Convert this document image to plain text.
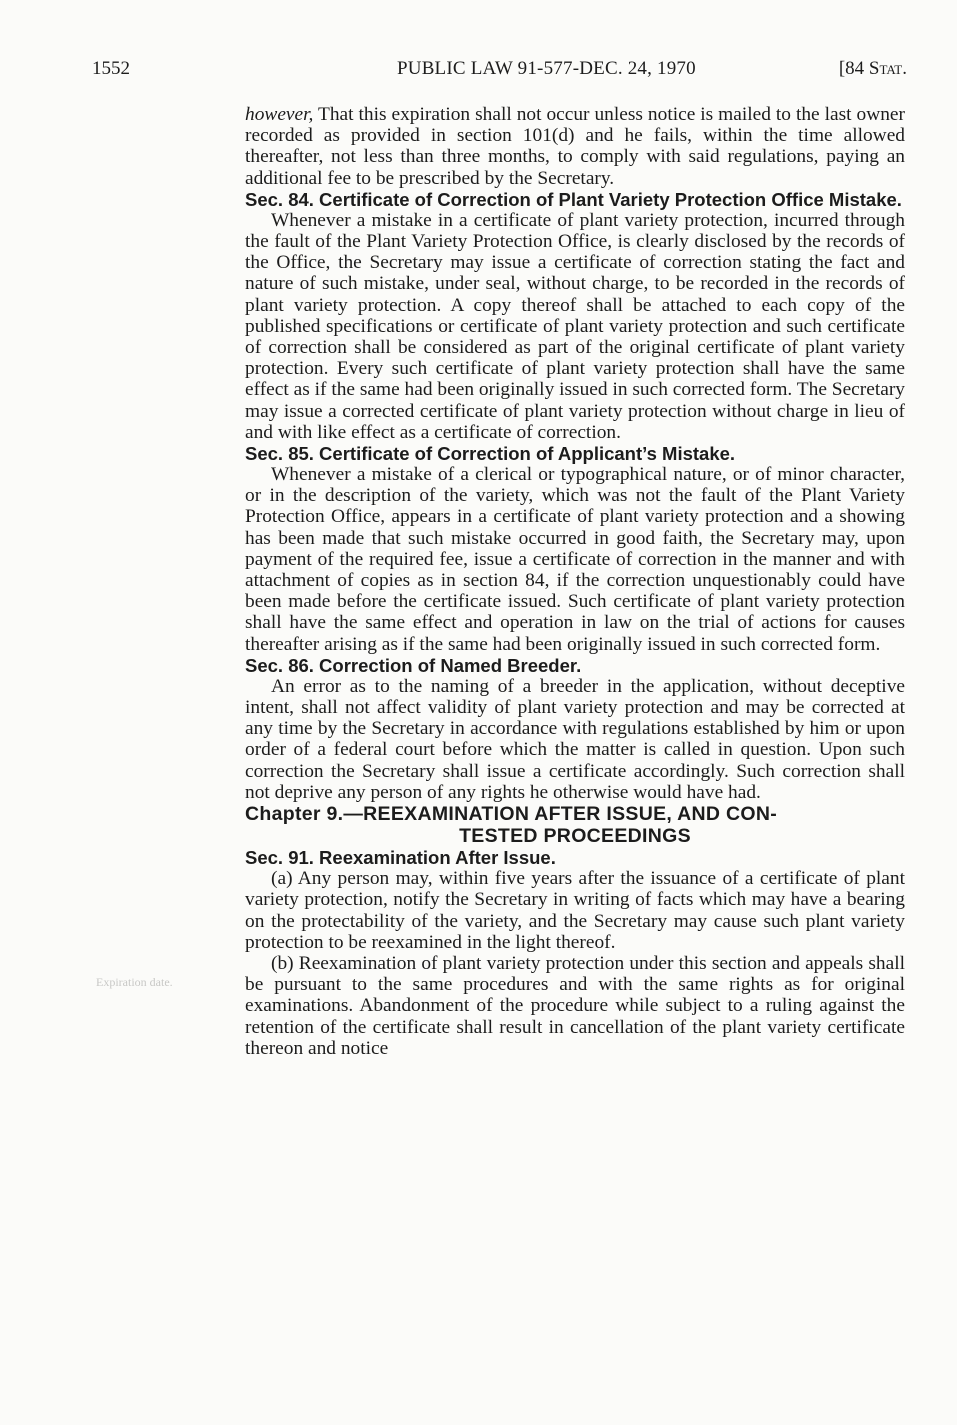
1552	PUBLIC LAW 91-577-DEC. 24, 1970	[84 Stat.
Expiration date.

however, That this expiration shall not occur unless notice is mailed to the last owner recorded as provided in section 101(d) and he fails, within the time allowed thereafter, not less than three months, to comply with said regulations, paying an additional fee to be prescribed by the Secretary.

Sec. 84. Certificate of Correction of Plant Variety Protection Office Mistake.

Whenever a mistake in a certificate of plant variety protection, incurred through the fault of the Plant Variety Protection Office, is clearly disclosed by the records of the Office, the Secretary may issue a certificate of correction stating the fact and nature of such mistake, under seal, without charge, to be recorded in the records of plant variety protection. A copy thereof shall be attached to each copy of the published specifications or certificate of plant variety protection and such certificate of correction shall be considered as part of the original certificate of plant variety protection. Every such certificate of plant variety protection shall have the same effect as if the same had been originally issued in such corrected form. The Secretary may issue a corrected certificate of plant variety protection without charge in lieu of and with like effect as a certificate of correction.

Sec. 85. Certificate of Correction of Applicant’s Mistake.

Whenever a mistake of a clerical or typographical nature, or of minor character, or in the description of the variety, which was not the fault of the Plant Variety Protection Office, appears in a certificate of plant variety protection and a showing has been made that such mistake occurred in good faith, the Secretary may, upon payment of the required fee, issue a certificate of correction in the manner and with attachment of copies as in section 84, if the correction unquestionably could have been made before the certificate issued. Such certificate of plant variety protection shall have the same effect and operation in law on the trial of actions for causes thereafter arising as if the same had been originally issued in such corrected form.

Sec. 86. Correction of Named Breeder.

An error as to the naming of a breeder in the application, without deceptive intent, shall not affect validity of plant variety protection and may be corrected at any time by the Secretary in accordance with regulations established by him or upon order of a federal court before which the matter is called in question. Upon such correction the Secretary shall issue a certificate accordingly. Such correction shall not deprive any person of any rights he otherwise would have had.

Chapter 9.—REEXAMINATION AFTER ISSUE, AND CON-
TESTED PROCEEDINGS

Sec. 91. Reexamination After Issue.

(a) Any person may, within five years after the issuance of a certificate of plant variety protection, notify the Secretary in writing of facts which may have a bearing on the protectability of the variety, and the Secretary may cause such plant variety protection to be reexamined in the light thereof.

(b) Reexamination of plant variety protection under this section and appeals shall be pursuant to the same procedures and with the same rights as for original examinations. Abandonment of the procedure while subject to a ruling against the retention of the certificate shall result in cancellation of the plant variety certificate thereon and notice
